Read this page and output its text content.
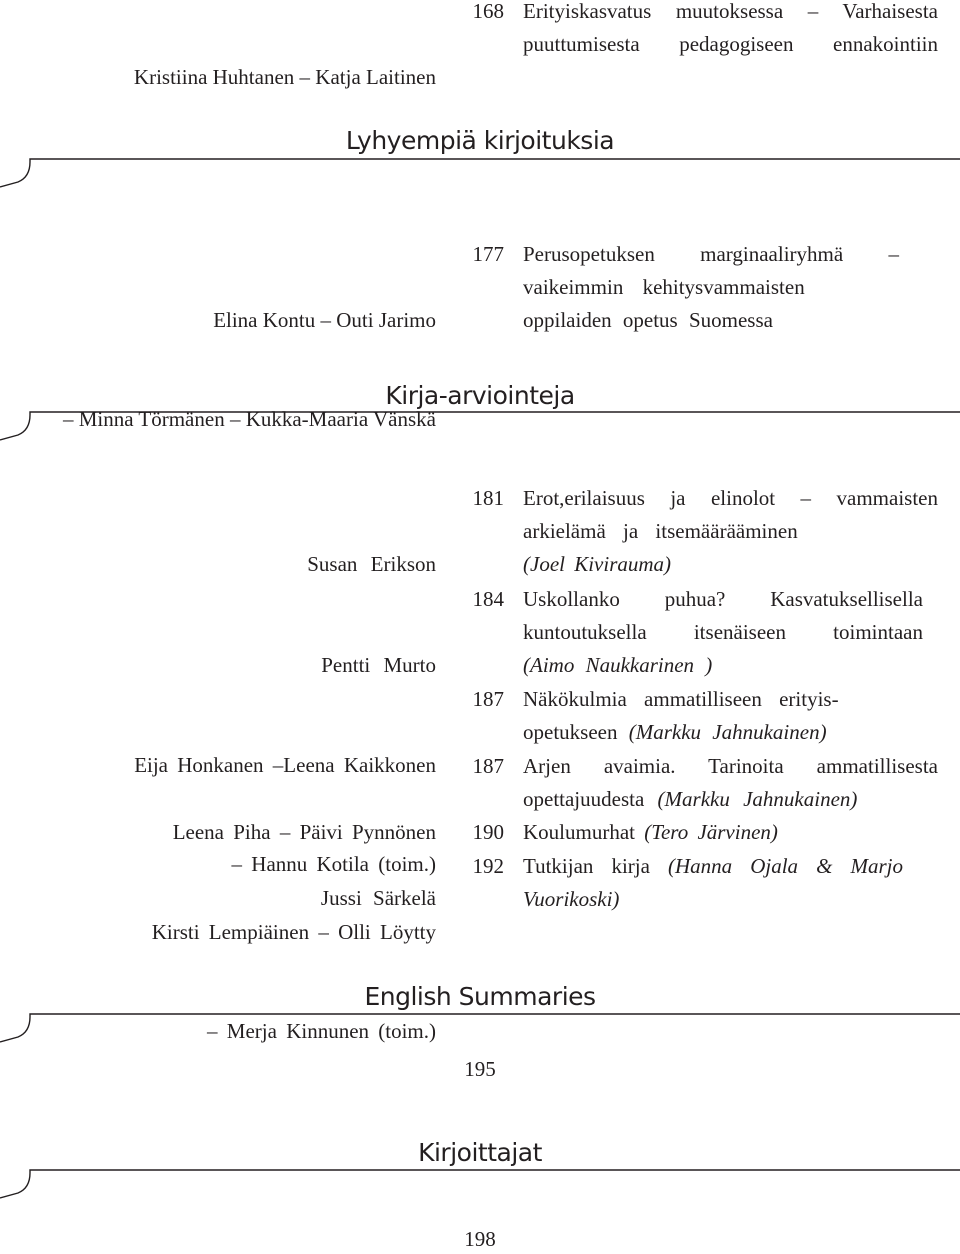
Kristiina Huhtanen – Katja Laitinen

168 Erityiskasvatus muutoksessa – Varhaisesta
puuttumisesta pedagogiseen ennakointiin
Lyhyempiä kirjoituksia

Elina Kontu – Outi Jarimo

– Minna Törmänen – Kukka-Maaria Vänskä

177 Perusopetuksen marginaaliryhmä –
vaikeimmin kehitysvammaisten
oppilaiden opetus Suomessa
Kirja-arviointeja

Susan Erikson

181 Erot,erilaisuus ja elinolot – vammaisten
arkielämä ja itsemäärääminen
(Joel Kivirauma)

Pentti Murto

184 Uskollanko puhua? Kasvatuksellisella
kuntoutuksella itsenäiseen toimintaan
(Aimo Naukkarinen )

Eija Honkanen –Leena Kaikkonen

– Hannu Kotila (toim.)

187 Näkökulmia ammatilliseen erityis-
opetukseen (Markku Jahnukainen)

Leena Piha – Päivi Pynnönen

187 Arjen avaimia. Tarinoita ammatillisesta
opettajuudesta (Markku Jahnukainen)

Jussi Särkelä

190 Koulumurhat (Tero Järvinen)

Kirsti Lempiäinen – Olli Löytty

– Merja Kinnunen (toim.)

192 Tutkijan kirja (Hanna Ojala & Marjo
Vuorikoski)
English Summaries
195
Kirjoittajat
198
